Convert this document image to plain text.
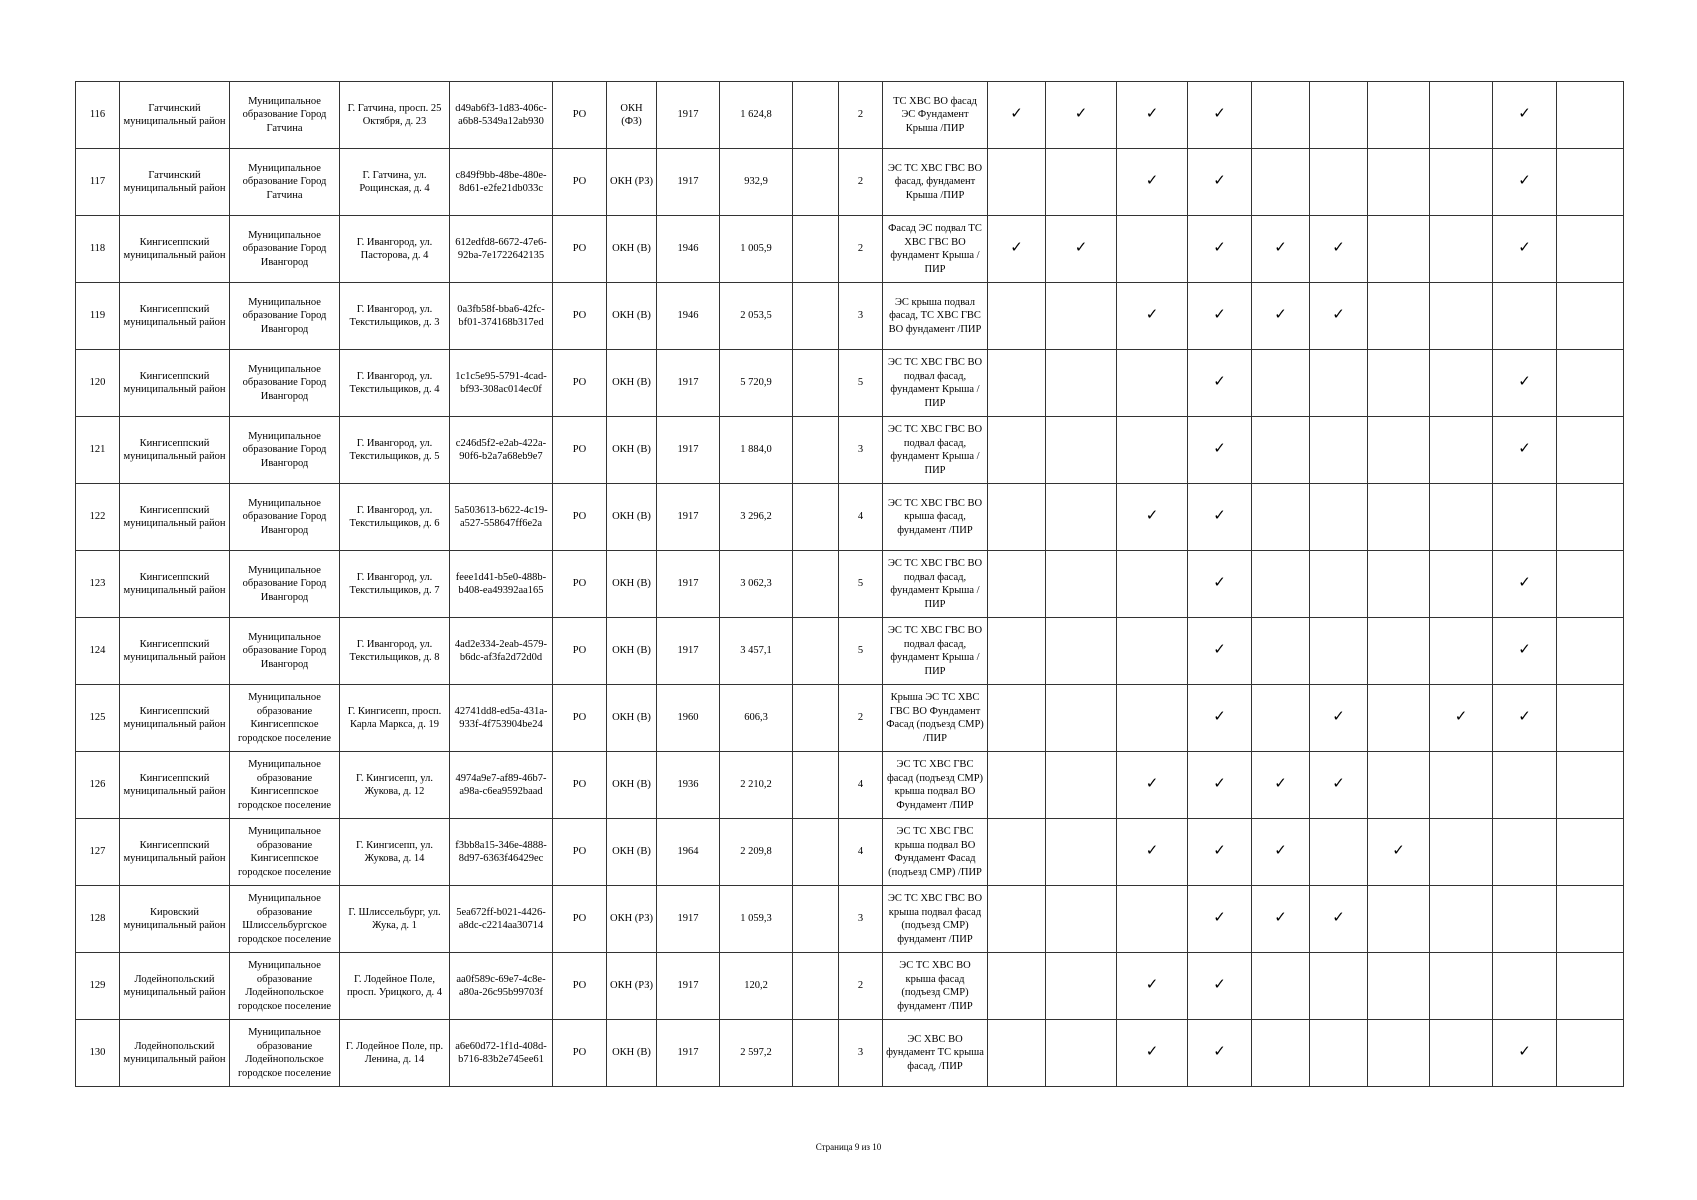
116	Гатчинский муниципальный район	Муниципальное образование Город Гатчина	Г. Гатчина, просп. 25 Октября, д. 23	d49ab6f3-1d83-406c-a6b8-5349a12ab930	РО	ОКН (ФЗ)	1917	1 624,8		2	ТС ХВС ВО фасад ЭС Фундамент Крыша /ПИР	✓	✓	✓	✓					✓	
117	Гатчинский муниципальный район	Муниципальное образование Город Гатчина	Г. Гатчина, ул. Рощинская, д. 4	c849f9bb-48be-480e-8d61-e2fe21db033c	РО	ОКН (РЗ)	1917	932,9		2	ЭС ТС ХВС ГВС ВО фасад, фундамент Крыша /ПИР			✓	✓					✓	
118	Кингисеппский муниципальный район	Муниципальное образование Город Ивангород	Г. Ивангород, ул. Пасторова, д. 4	612edfd8-6672-47e6-92ba-7e1722642135	РО	ОКН (В)	1946	1 005,9		2	Фасад ЭС подвал ТС ХВС ГВС ВО фундамент Крыша /ПИР	✓	✓		✓	✓	✓			✓	
119	Кингисеппский муниципальный район	Муниципальное образование Город Ивангород	Г. Ивангород, ул. Текстильщиков, д. 3	0a3fb58f-bba6-42fc-bf01-374168b317ed	РО	ОКН (В)	1946	2 053,5		3	ЭС крыша подвал фасад, ТС ХВС ГВС ВО фундамент /ПИР			✓	✓	✓	✓				
120	Кингисеппский муниципальный район	Муниципальное образование Город Ивангород	Г. Ивангород, ул. Текстильщиков, д. 4	1c1c5e95-5791-4cad-bf93-308ac014ec0f	РО	ОКН (В)	1917	5 720,9		5	ЭС ТС ХВС ГВС ВО подвал фасад, фундамент Крыша /ПИР				✓					✓	
121	Кингисеппский муниципальный район	Муниципальное образование Город Ивангород	Г. Ивангород, ул. Текстильщиков, д. 5	c246d5f2-e2ab-422a-90f6-b2a7a68eb9e7	РО	ОКН (В)	1917	1 884,0		3	ЭС ТС ХВС ГВС ВО подвал фасад, фундамент Крыша /ПИР				✓					✓	
122	Кингисеппский муниципальный район	Муниципальное образование Город Ивангород	Г. Ивангород, ул. Текстильщиков, д. 6	5a503613-b622-4c19-a527-558647ff6e2a	РО	ОКН (В)	1917	3 296,2		4	ЭС ТС ХВС ГВС ВО крыша фасад, фундамент /ПИР			✓	✓						
123	Кингисеппский муниципальный район	Муниципальное образование Город Ивангород	Г. Ивангород, ул. Текстильщиков, д. 7	feee1d41-b5e0-488b-b408-ea49392aa165	РО	ОКН (В)	1917	3 062,3		5	ЭС ТС ХВС ГВС ВО подвал фасад, фундамент Крыша /ПИР				✓					✓	
124	Кингисеппский муниципальный район	Муниципальное образование Город Ивангород	Г. Ивангород, ул. Текстильщиков, д. 8	4ad2e334-2eab-4579-b6dc-af3fa2d72d0d	РО	ОКН (В)	1917	3 457,1		5	ЭС ТС ХВС ГВС ВО подвал фасад, фундамент Крыша /ПИР				✓					✓	
125	Кингисеппский муниципальный район	Муниципальное образование Кингисеппское городское поселение	Г. Кингисепп, просп. Карла Маркса, д. 19	42741dd8-ed5a-431a-933f-4f753904be24	РО	ОКН (В)	1960	606,3		2	Крыша ЭС ТС ХВС ГВС ВО Фундамент Фасад (подъезд СМР) /ПИР				✓		✓		✓	✓	
126	Кингисеппский муниципальный район	Муниципальное образование Кингисеппское городское поселение	Г. Кингисепп, ул. Жукова, д. 12	4974a9e7-af89-46b7-a98a-c6ea9592baad	РО	ОКН (В)	1936	2 210,2		4	ЭС ТС ХВС ГВС фасад (подъезд СМР) крыша подвал ВО Фундамент /ПИР			✓	✓	✓	✓				
127	Кингисеппский муниципальный район	Муниципальное образование Кингисеппское городское поселение	Г. Кингисепп, ул. Жукова, д. 14	f3bb8a15-346e-4888-8d97-6363f46429ec	РО	ОКН (В)	1964	2 209,8		4	ЭС ТС ХВС ГВС крыша подвал ВО Фундамент Фасад (подъезд СМР) /ПИР			✓	✓	✓		✓			
128	Кировский муниципальный район	Муниципальное образование Шлиссельбургское городское поселение	Г. Шлиссельбург, ул. Жука, д. 1	5ea672ff-b021-4426-a8dc-c2214aa30714	РО	ОКН (РЗ)	1917	1 059,3		3	ЭС ТС ХВС ГВС ВО крыша подвал фасад (подъезд СМР) фундамент /ПИР				✓	✓	✓				
129	Лодейнопольский муниципальный район	Муниципальное образование Лодейнопольское городское поселение	Г. Лодейное Поле, просп. Урицкого, д. 4	aa0f589c-69e7-4c8e-a80a-26c95b99703f	РО	ОКН (РЗ)	1917	120,2		2	ЭС ТС ХВС ВО крыша фасад (подъезд СМР) фундамент /ПИР			✓	✓						
130	Лодейнопольский муниципальный район	Муниципальное образование Лодейнопольское городское поселение	Г. Лодейное Поле, пр. Ленина, д. 14	a6e60d72-1f1d-408d-b716-83b2e745ee61	РО	ОКН (В)	1917	2 597,2		3	ЭС ХВС ВО фундамент ТС крыша фасад, /ПИР			✓	✓					✓	
Страница 9 из 10
